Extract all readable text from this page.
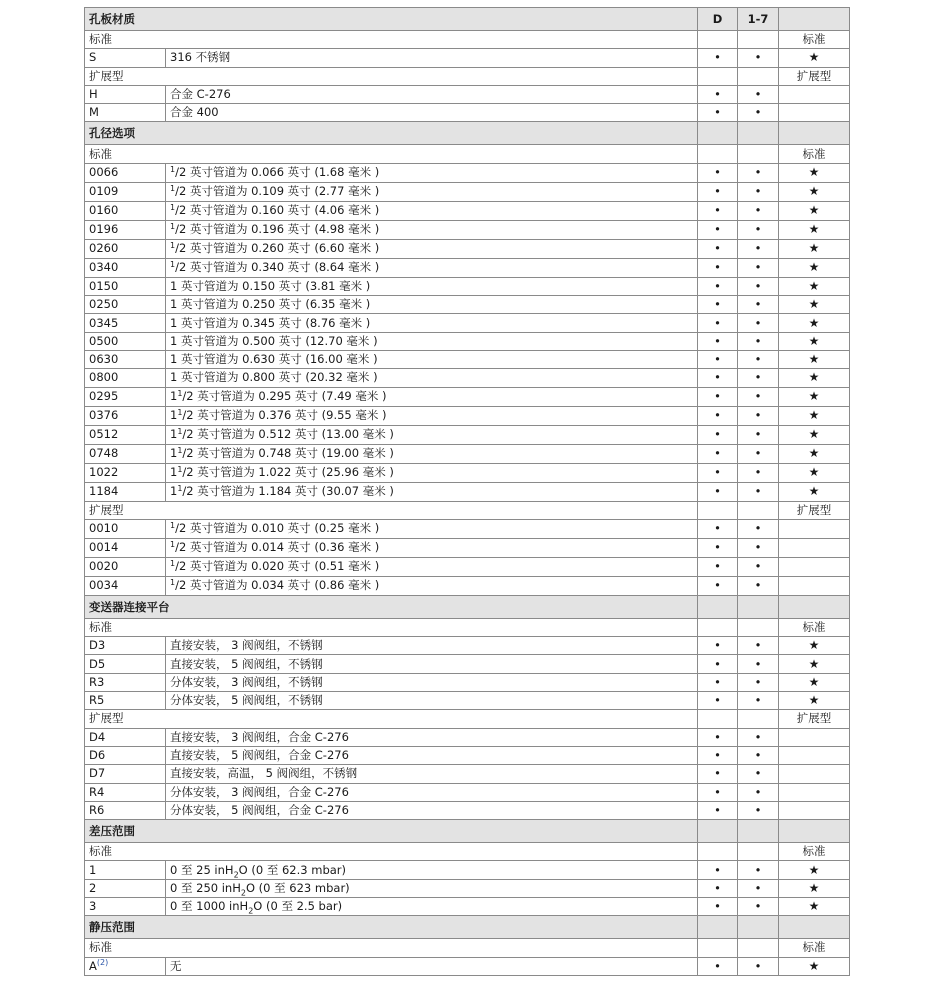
孔板材质		D	1-7	
标准				标准
S	316 不锈钢	•	•	★
扩展型				扩展型
H	合金 C-276	•	•	
M	合金 400	•	•	
孔径选项				
标准				标准
0066	$^1$/2 英寸管道为 0.066 英寸 (1.68 毫米 )	•	•	★
0109	$^1$/2 英寸管道为 0.109 英寸 (2.77 毫米 )	•	•	★
0160	$^1$/2 英寸管道为 0.160 英寸 (4.06 毫米 )	•	•	★
0196	$^1$/2 英寸管道为 0.196 英寸 (4.98 毫米 )	•	•	★
0260	$^1$/2 英寸管道为 0.260 英寸 (6.60 毫米 )	•	•	★
0340	$^1$/2 英寸管道为 0.340 英寸 (8.64 毫米 )	•	•	★
0150	1 英寸管道为 0.150 英寸 (3.81 毫米 )	•	•	★
0250	1 英寸管道为 0.250 英寸 (6.35 毫米 )	•	•	★
0345	1 英寸管道为 0.345 英寸 (8.76 毫米 )	•	•	★
0500	1 英寸管道为 0.500 英寸 (12.70 毫米 )	•	•	★
0630	1 英寸管道为 0.630 英寸 (16.00 毫米 )	•	•	★
0800	1 英寸管道为 0.800 英寸 (20.32 毫米 )	•	•	★
0295	$1^1/2$ 英寸管道为 0.295 英寸 (7.49 毫米 )	•	•	★
0376	$1^1/2$ 英寸管道为 0.376 英寸 (9.55 毫米 )	•	•	★
0512	$1^1/2$ 英寸管道为 0.512 英寸 (13.00 毫米 )	•	•	★
0748	$1^1/2$ 英寸管道为 0.748 英寸 (19.00 毫米 )	•	•	★
1022	$1^1/2$ 英寸管道为 1.022 英寸 (25.96 毫米 )	•	•	★
1184	$1^1/2$ 英寸管道为 1.184 英寸 (30.07 毫米 )	•	•	★
扩展型				扩展型
0010	$^1$/2 英寸管道为 0.010 英寸 (0.25 毫米 )	•	•	
0014	$^1$/2 英寸管道为 0.014 英寸 (0.36 毫米 )	•	•	
0020	$^1$/2 英寸管道为 0.020 英寸 (0.51 毫米 )	•	•	
0034	$^1$/2 英寸管道为 0.034 英寸 (0.86 毫米 )	•	•	
变送器连接平台				
标准				标准
D3	直接安装， 3 阀阀组，不锈钢	•	•	★
D5	直接安装， 5 阀阀组，不锈钢	•	•	★
R3	分体安装， 3 阀阀组，不锈钢	•	•	★
R5	分体安装， 5 阀阀组，不锈钢	•	•	★
扩展型				扩展型
D4	直接安装， 3 阀阀组，合金 C-276	•	•	
D6	直接安装， 5 阀阀组，合金 C-276	•	•	
D7	直接安装，高温， 5 阀阀组，不锈钢	•	•	
R4	分体安装， 3 阀阀组，合金 C-276	•	•	
R6	分体安装， 5 阀阀组，合金 C-276	•	•	
差压范围				
标准				标准
1	0 至 25 inH$_2$O (0 至 62.3 mbar)	•	•	★
2	0 至 250 inH$_2$O (0 至 623 mbar)	•	•	★
3	0 至 1000 inH$_2$O (0 至 2.5 bar)	•	•	★
静压范围				
标准				标准
A$^{(2)}$	无	•	•	★
